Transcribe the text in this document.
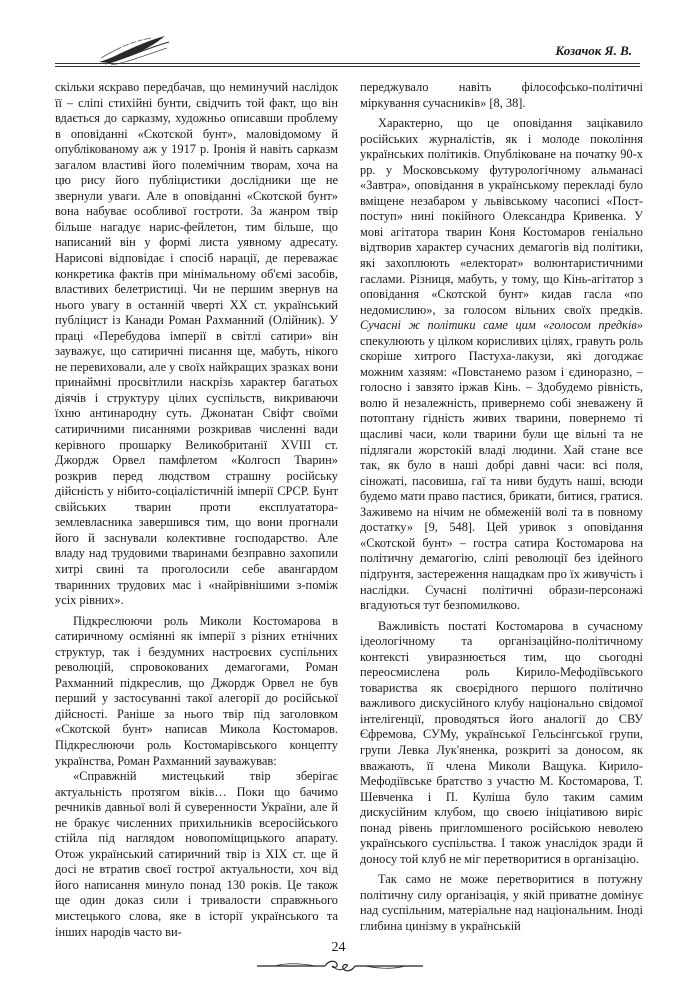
Козачок Я. В.

скільки яскраво передбачав, що неминучий наслідок її – сліпі стихійні бунти, свідчить той факт, що він вдається до сарказму, художньо описавши проблему в оповіданні «Скотской бунт», маловідомому й опублікованому аж у 1917 р. Іронія й навіть сарказм загалом властиві його полемічним творам, хоча на цю рису його публіцистики дослідники ще не звернули уваги. Але в оповіданні «Скотской бунт» вона набуває особливої гостроти. За жанром твір більше нагадує нарис-фейлетон, тим більше, що написаний він у формі листа уявному адресату. Нарисові відповідає і спосіб нарації, де переважає конкретика фактів при мінімальному об'ємі засобів, властивих белетристиці. Чи не першим звернув на нього увагу в останній чверті XX ст. український публіцист із Канади Роман Рахманний (Олійник). У праці «Перебудова імперії в світлі сатири» він зауважує, що сатиричні писання ще, мабуть, нікого не перевиховали, але у своїх найкращих зразках вони принаймні просвітлили наскрізь характер багатьох діячів і структуру цілих суспільств, викриваючи їхню антинародну суть. Джонатан Свіфт своїми сатиричними писаннями розкривав численні вади керівного прошарку Великобританії XVIII ст. Джордж Орвел памфлетом «Колгосп Тварин» розкрив перед людством страшну російську дійсність у нібито-соціалістичній імперії СРСР. Бунт свійських тварин проти експлуататора-землевласника завершився тим, що вони прогнали його й заснували колективне господарство. Але владу над трудовими тваринами безправно захопили хитрі свині та проголосили себе авангардом тваринних трудових мас і «найрівнішими з-поміж усіх рівних».

Підкреслюючи роль Миколи Костомарова в сатиричному осміянні як імперії з різних етнічних структур, так і бездумних настроєвих суспільних революцій, спровокованих демагогами, Роман Рахманний підкреслив, що Джордж Орвел не був перший у застосуванні такої алегорії до російської дійсності. Раніше за нього твір під заголовком «Скотской бунт» написав Микола Костомаров. Підкреслюючи роль Костомарівського концепту українства, Роман Рахманний зауважував:

«Справжній мистецький твір зберігає актуальність протягом віків… Поки що бачимо речників давньої волі й суверенности України, але й не бракує численних прихильників всеросійського стійла під наглядом новопоміщицького апарату. Отож український сатиричний твір із XIX ст. ще й досі не втратив своєї гострої актуальности, хоч від його написання минуло понад 130 років. Це також ще один доказ сили і тривалости справжнього мистецького слова, яке в історії українського та інших народів часто ви-

переджувало навіть філософсько-політичні міркування сучасників» [8, 38].

Характерно, що це оповідання зацікавило російських журналістів, як і молоде покоління українських політиків. Опубліковане на початку 90-х рр. у Московському футурологічному альманасі «Завтра», оповідання в українському перекладі було вміщене незабаром у львівському часописі «Пост-поступ» нині покійного Олександра Кривенка. У мові агітатора тварин Коня Костомаров геніально відтворив характер сучасних демагогів від політики, які захоплюють «електорат» волюнтаристичними гаслами. Різниця, мабуть, у тому, що Кінь-агітатор з оповідання «Скотской бунт» кидав гасла «по недомислию», за голосом вільних своїх предків. Сучасні ж політики саме цим «голосом предків» спекулюють у цілком корисливих цілях, гравуть роль скоріше хитрого Пастуха-лакузи, які догоджає можним хазяям: «Повстанемо разом і єдиноразно, – голосно і завзято іржав Кінь. – Здобудемо рівність, волю й незалежність, привернемо собі зневажену й потоптану гідність живих тварини, повернемо ті щасливі часи, коли тварини були ще вільні та не підлягали жорстокій владі людини. Хай стане все так, як було в наші добрі давні часи: всі поля, сіножаті, пасовиша, гаї та ниви будуть наші, всюди будемо мати право пастися, брикати, битися, гратися. Заживемо на нічим не обмеженій волі та в повному достатку» [9, 548]. Цей уривок з оповідання «Скотской бунт» – гостра сатира Костомарова на політичну демагогію, сліпі революції без ідейного підґрунтя, застереження нащадкам про їх живучість і наслідки. Сучасні політичні образи-персонажі вгадуються тут безпомилково.

Важливість постаті Костомарова в сучасному ідеологічному та організаційно-політичному контексті увиразнюється тим, що сьогодні переосмислена роль Кирило-Мефодіївського товариства як своєрідного першого політично важливого дискусійного клубу національно свідомої інтелігенції, проводяться його аналогії до СВУ Єфремова, СУМу, української Гельсінгської групи, групи Левка Лук'яненка, розкриті за доносом, як вважають, її члена Миколи Ващука. Кирило-Мефодіївське братство з участю М. Костомарова, Т. Шевченка і П. Куліша було таким самим дискусійним клубом, що своєю ініціативою виріс понад рівень пригломшеного російською неволею українського суспільства. І також унаслідок зради й доносу той клуб не міг перетворитися в організацію.

Так само не може перетворитися в потужну політичну силу організація, у якій приватне домінує над суспільним, матеріальне над національним. Іноді глибина цинізму в українській

24
